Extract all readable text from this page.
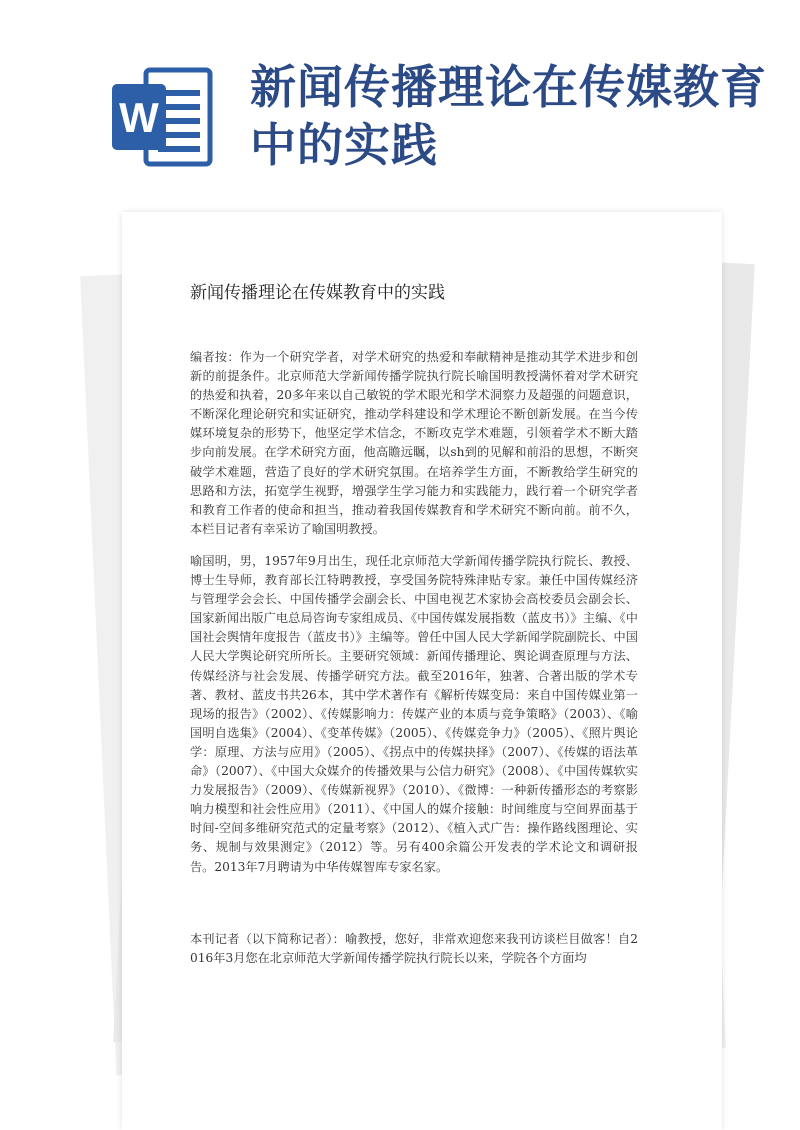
W
新闻传播理论在传媒教育中的实践
新闻传播理论在传媒教育中的实践

编者按：作为一个研究学者，对学术研究的热爱和奉献精神是推动其学术进步和创新的前提条件。北京师范大学新闻传播学院执行院长喻国明教授满怀着对学术研究的热爱和执着，20多年来以自己敏锐的学术眼光和学术洞察力及超强的问题意识，不断深化理论研究和实证研究，推动学科建设和学术理论不断创新发展。在当今传媒环境复杂的形势下，他坚定学术信念，不断攻克学术难题，引领着学术不断大踏步向前发展。在学术研究方面，他高瞻远瞩，以sh到的见解和前沿的思想，不断突破学术难题，营造了良好的学术研究氛围。在培养学生方面，不断教给学生研究的思路和方法，拓宽学生视野，增强学生学习能力和实践能力，践行着一个研究学者和教育工作者的使命和担当，推动着我国传媒教育和学术研究不断向前。前不久，本栏目记者有幸采访了喻国明教授。

喻国明，男，1957年9月出生，现任北京师范大学新闻传播学院执行院长、教授、博士生导师，教育部长江特聘教授，享受国务院特殊津贴专家。兼任中国传媒经济与管理学会会长、中国传播学会副会长、中国电视艺术家协会高校委员会副会长、国家新闻出版广电总局咨询专家组成员、《中国传媒发展指数（蓝皮书）》主编、《中国社会舆情年度报告（蓝皮书）》主编等。曾任中国人民大学新闻学院副院长、中国人民大学舆论研究所所长。主要研究领域：新闻传播理论、舆论调查原理与方法、传媒经济与社会发展、传播学研究方法。截至2016年，独著、合著出版的学术专著、教材、蓝皮书共26本，其中学术著作有《解析传媒变局：来自中国传媒业第一现场的报告》（2002）、《传媒影响力：传媒产业的本质与竞争策略》（2003）、《喻国明自选集》（2004）、《变革传媒》（2005）、《传媒竞争力》（2005）、《照片舆论学：原理、方法与应用》（2005）、《拐点中的传媒抉择》（2007）、《传媒的语法革命》（2007）、《中国大众媒介的传播效果与公信力研究》（2008）、《中国传媒软实力发展报告》（2009）、《传媒新视界》（2010）、《微博：一种新传播形态的考察影响力模型和社会性应用》（2011）、《中国人的媒介接触：时间维度与空间界面基于时间-空间多维研究范式的定量考察》（2012）、《植入式广告：操作路线图理论、实务、规制与效果测定》（2012）等。另有400余篇公开发表的学术论文和调研报告。2013年7月聘请为中华传媒智库专家名家。

本刊记者（以下简称记者）：喻教授，您好，非常欢迎您来我刊访谈栏目做客！自2016年3月您在北京师范大学新闻传播学院执行院长以来，学院各个方面均
